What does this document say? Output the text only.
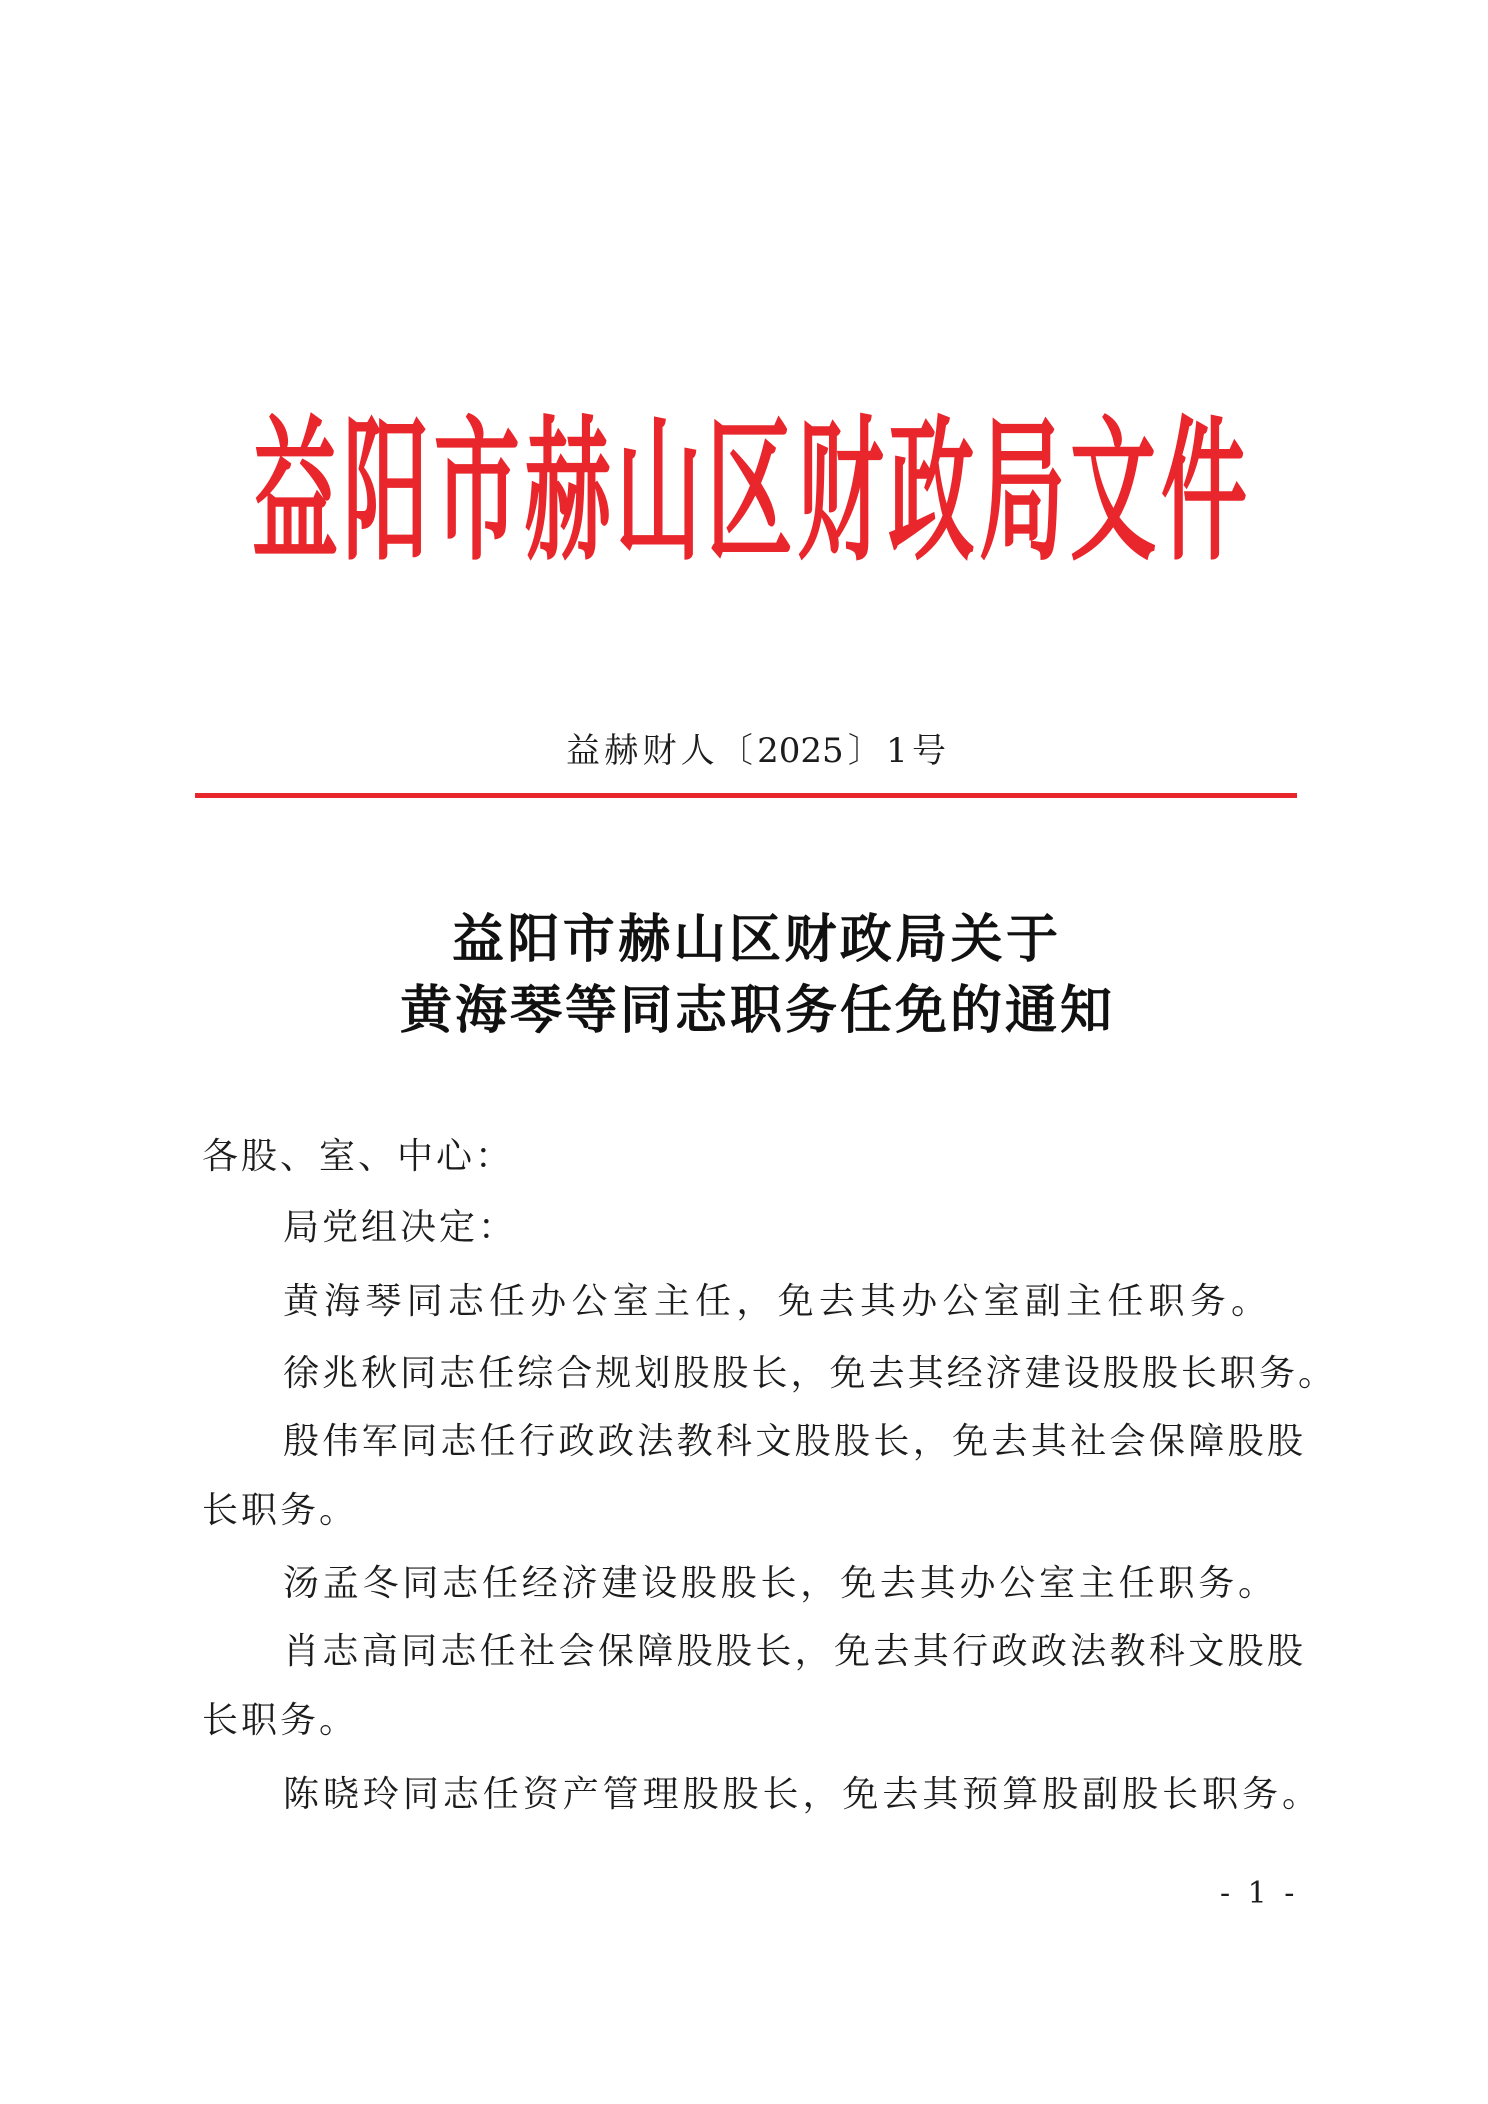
益阳市赫山区财政局文件
益赫财人〔2025〕1号
益阳市赫山区财政局关于
黄海琴等同志职务任免的通知
各股、室、中心：
局党组决定：
黄海琴同志任办公室主任，免去其办公室副主任职务。
徐兆秋同志任综合规划股股长，免去其经济建设股股长职务。
殷伟军同志任行政政法教科文股股长，免去其社会保障股股
长职务。
汤孟冬同志任经济建设股股长，免去其办公室主任职务。
肖志高同志任社会保障股股长，免去其行政政法教科文股股
长职务。
陈晓玲同志任资产管理股股长，免去其预算股副股长职务。
- 1 -
